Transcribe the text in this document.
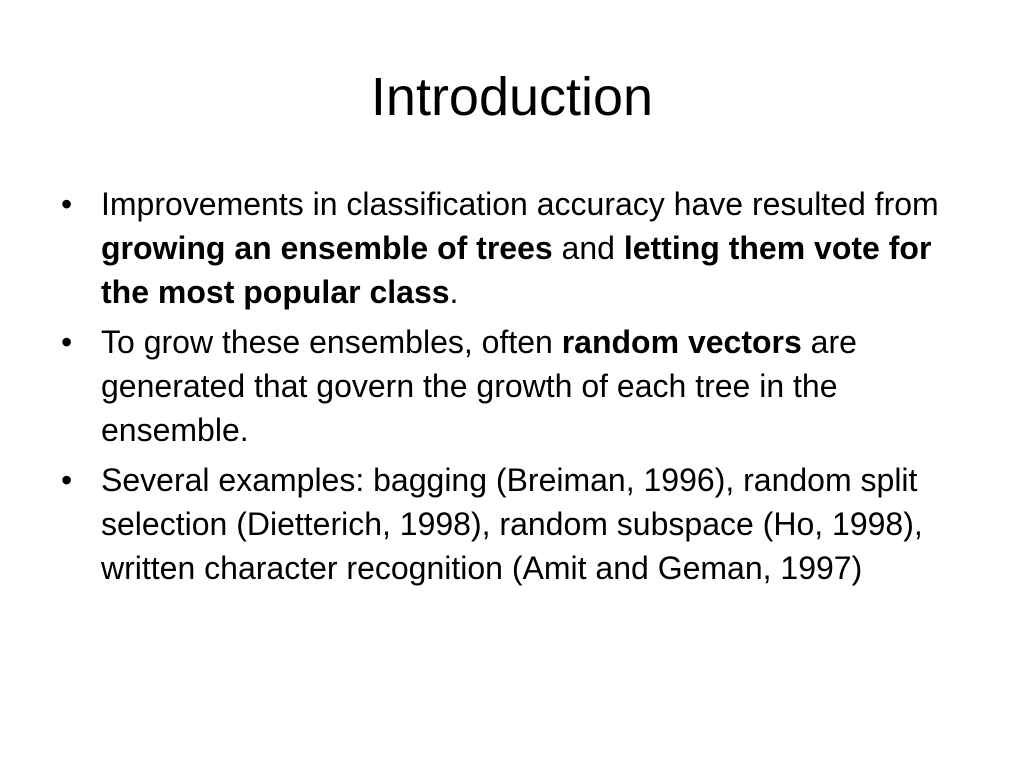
Introduction
• Improvements in classification accuracy have resulted from growing an ensemble of trees and letting them vote for the most popular class.
• To grow these ensembles, often random vectors are generated that govern the growth of each tree in the ensemble.
• Several examples: bagging (Breiman, 1996), random split selection (Dietterich, 1998), random subspace (Ho, 1998), written character recognition (Amit and Geman, 1997)
